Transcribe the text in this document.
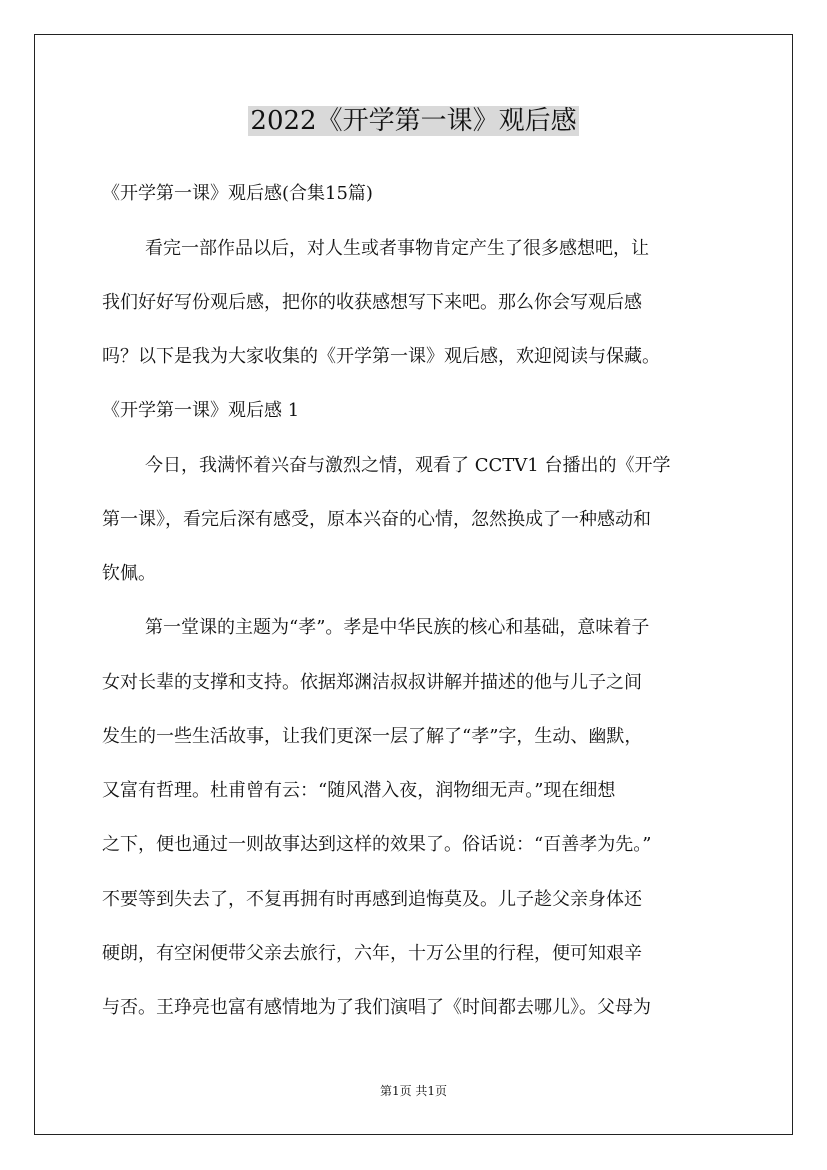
2022《开学第一课》观后感

《开学第一课》观后感(合集15篇)

看完一部作品以后，对人生或者事物肯定产生了很多感想吧，让

我们好好写份观后感，把你的收获感想写下来吧。那么你会写观后感

吗？以下是我为大家收集的《开学第一课》观后感，欢迎阅读与保藏。

《开学第一课》观后感 1

今日，我满怀着兴奋与激烈之情，观看了 CCTV1 台播出的《开学

第一课》，看完后深有感受，原本兴奋的心情，忽然换成了一种感动和

钦佩。

第一堂课的主题为“孝”。孝是中华民族的核心和基础，意味着子

女对长辈的支撑和支持。依据郑渊洁叔叔讲解并描述的他与儿子之间

发生的一些生活故事，让我们更深一层了解了“孝”字，生动、幽默，

又富有哲理。杜甫曾有云：“随风潜入夜，润物细无声。”现在细想

之下，便也通过一则故事达到这样的效果了。俗话说：“百善孝为先。”

不要等到失去了，不复再拥有时再感到追悔莫及。儿子趁父亲身体还

硬朗，有空闲便带父亲去旅行，六年，十万公里的行程，便可知艰辛

与否。王琤亮也富有感情地为了我们演唱了《时间都去哪儿》。父母为

第1页 共1页
